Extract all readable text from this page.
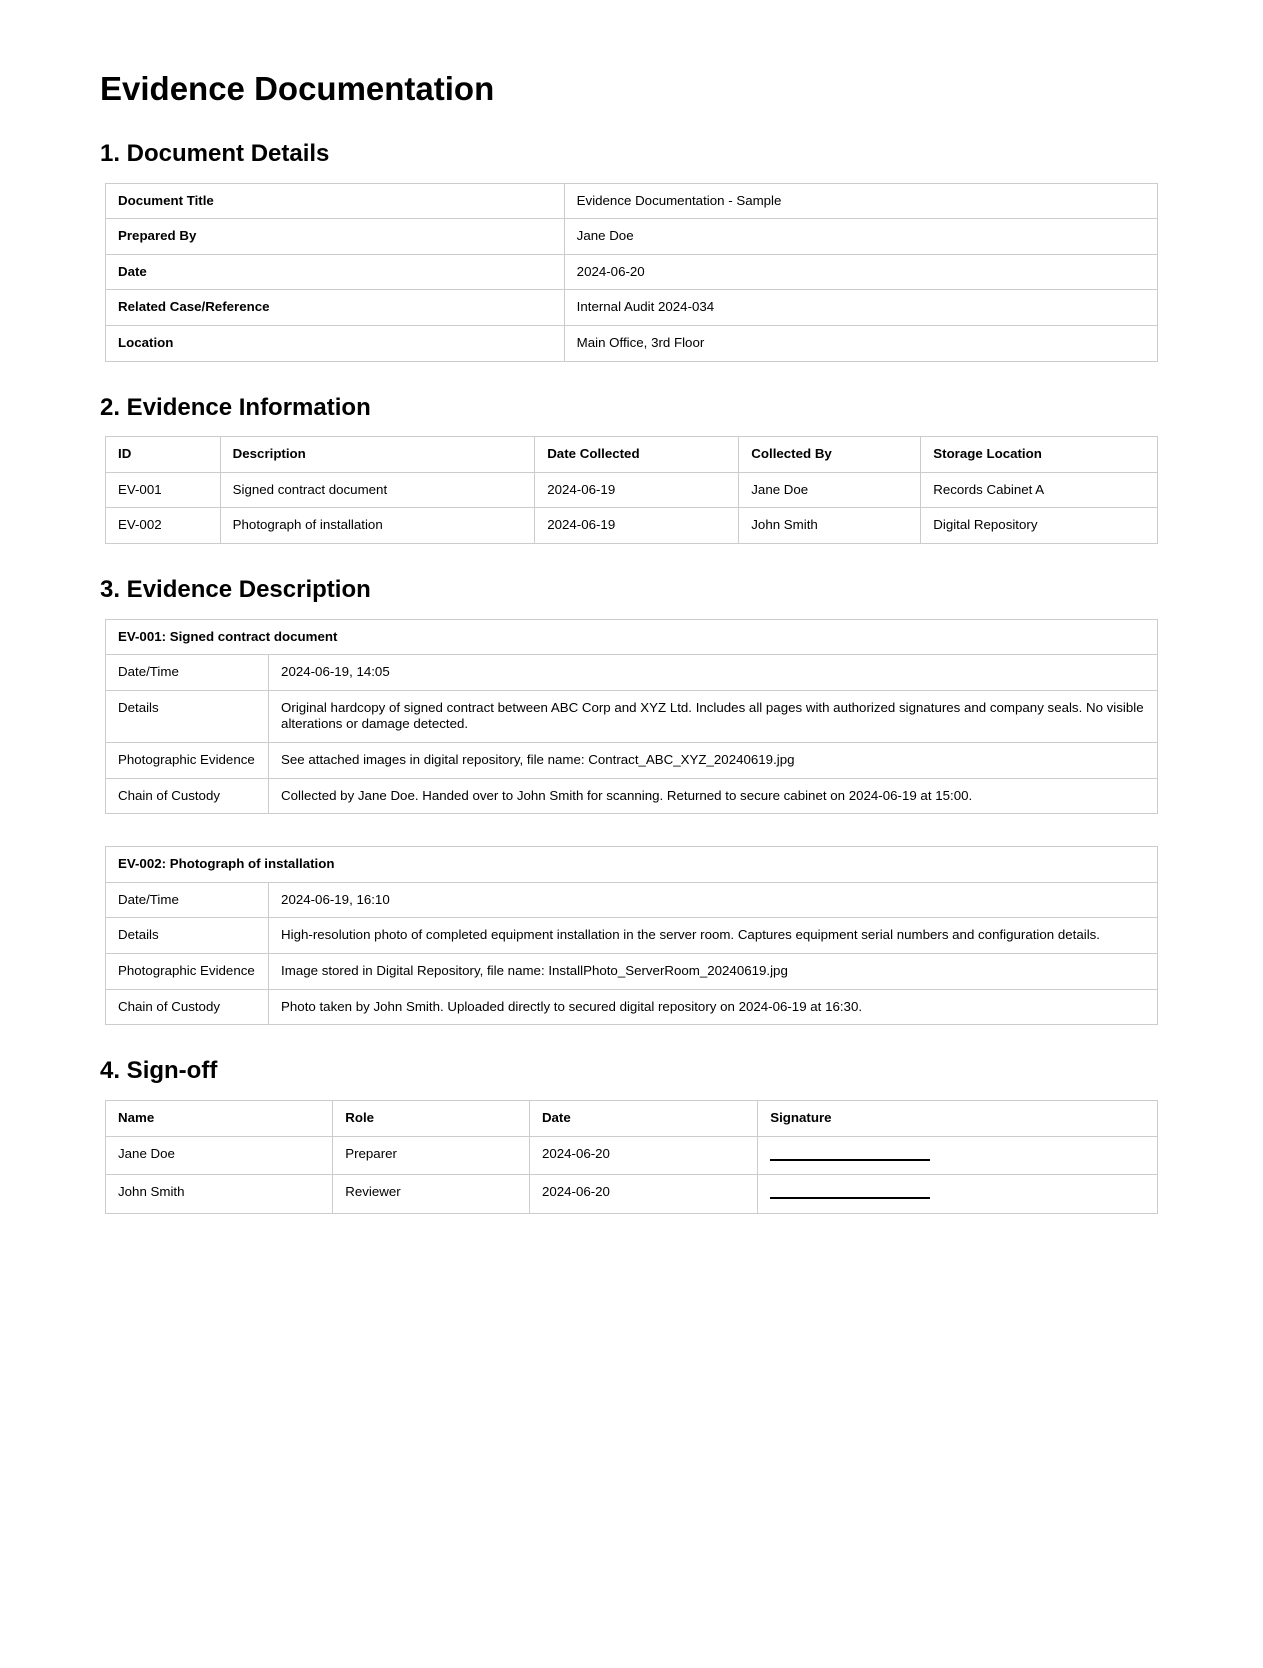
Evidence Documentation
1. Document Details
Document Title	Evidence Documentation - Sample
Prepared By	Jane Doe
Date	2024-06-20
Related Case/Reference	Internal Audit 2024-034
Location	Main Office, 3rd Floor
2. Evidence Information
ID	Description	Date Collected	Collected By	Storage Location
EV-001	Signed contract document	2024-06-19	Jane Doe	Records Cabinet A
EV-002	Photograph of installation	2024-06-19	John Smith	Digital Repository
3. Evidence Description
EV-001: Signed contract document	
Date/Time	2024-06-19, 14:05
Details	Original hardcopy of signed contract between ABC Corp and XYZ Ltd. Includes all pages with authorized signatures and company seals. No visible alterations or damage detected.
Photographic Evidence	See attached images in digital repository, file name: Contract_ABC_XYZ_20240619.jpg
Chain of Custody	Collected by Jane Doe. Handed over to John Smith for scanning. Returned to secure cabinet on 2024-06-19 at 15:00.
EV-002: Photograph of installation	
Date/Time	2024-06-19, 16:10
Details	High-resolution photo of completed equipment installation in the server room. Captures equipment serial numbers and configuration details.
Photographic Evidence	Image stored in Digital Repository, file name: InstallPhoto_ServerRoom_20240619.jpg
Chain of Custody	Photo taken by John Smith. Uploaded directly to secured digital repository on 2024-06-19 at 16:30.
4. Sign-off
Name	Role	Date	Signature
Jane Doe	Preparer	2024-06-20	
John Smith	Reviewer	2024-06-20	
